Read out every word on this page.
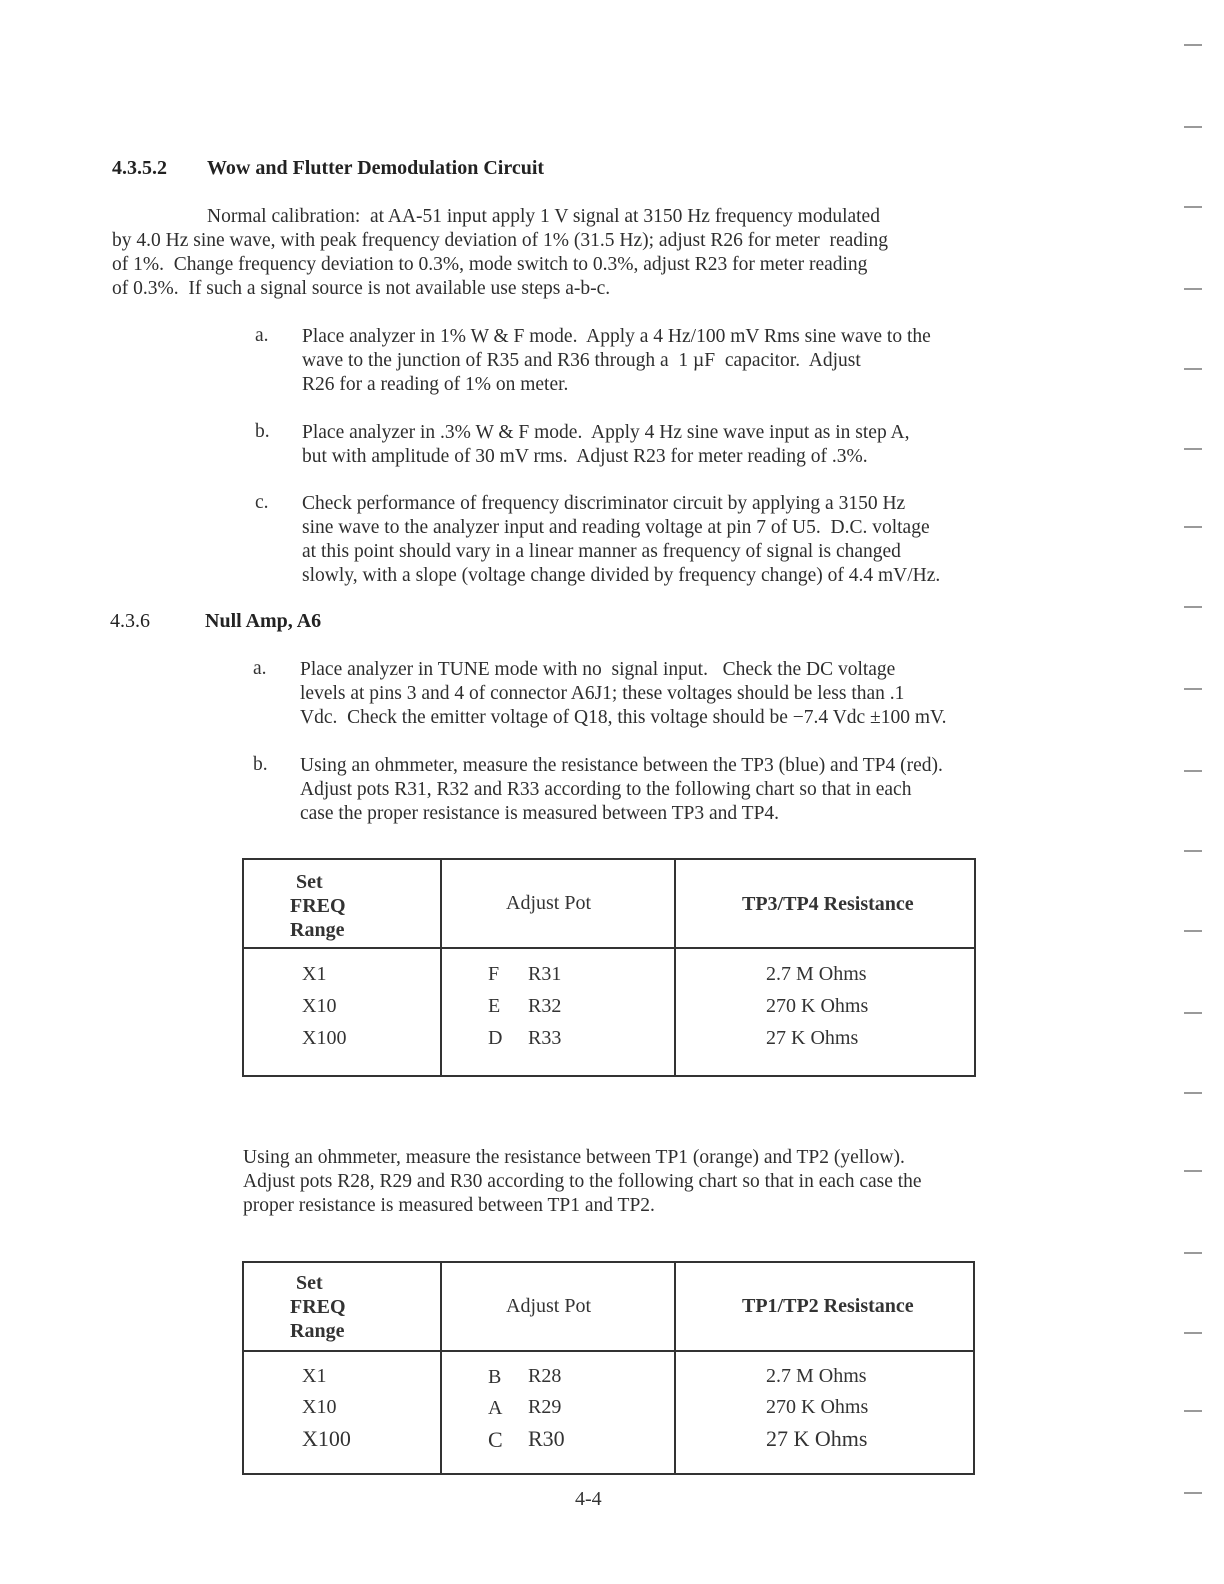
4.3.5.2 Wow and Flutter Demodulation Circuit
Normal calibration:  at AA-51 input apply 1 V signal at 3150 Hz frequency modulated
by 4.0 Hz sine wave, with peak frequency deviation of 1% (31.5 Hz); adjust R26 for meter  reading
of 1%.  Change frequency deviation to 0.3%, mode switch to 0.3%, adjust R23 for meter reading
of 0.3%.  If such a signal source is not available use steps a-b-c.
a. Place analyzer in 1% W & F mode.  Apply a 4 Hz/100 mV Rms sine wave to the
wave to the junction of R35 and R36 through a  1 µF  capacitor.  Adjust
R26 for a reading of 1% on meter.
b. Place analyzer in .3% W & F mode.  Apply 4 Hz sine wave input as in step A,
but with amplitude of 30 mV rms.  Adjust R23 for meter reading of .3%.
c. Check performance of frequency discriminator circuit by applying a 3150 Hz
sine wave to the analyzer input and reading voltage at pin 7 of U5.  D.C. voltage
at this point should vary in a linear manner as frequency of signal is changed
slowly, with a slope (voltage change divided by frequency change) of 4.4 mV/Hz.
4.3.6	Null Amp, A6
a. Place analyzer in TUNE mode with no  signal input.   Check the DC voltage
levels at pins 3 and 4 of connector A6J1; these voltages should be less than .1
Vdc.  Check the emitter voltage of Q18, this voltage should be −7.4 Vdc ±100 mV.
b. Using an ohmmeter, measure the resistance between the TP3 (blue) and TP4 (red).
Adjust pots R31, R32 and R33 according to the following chart so that in each
case the proper resistance is measured between TP3 and TP4.
Set
FREQ
Range
Adjust Pot	TP3/TP4 Resistance
X1	F R31	2.7 M Ohms
X10	E R32	270 K Ohms
X100	D R33	27 K Ohms
Using an ohmmeter, measure the resistance between TP1 (orange) and TP2 (yellow).
Adjust pots R28, R29 and R30 according to the following chart so that in each case the
proper resistance is measured between TP1 and TP2.
Set
FREQ
Range
Adjust Pot	TP1/TP2 Resistance
X1	B R28	2.7 M Ohms
X10	A R29	270 K Ohms
X100	C R30	27 K Ohms
4-4
